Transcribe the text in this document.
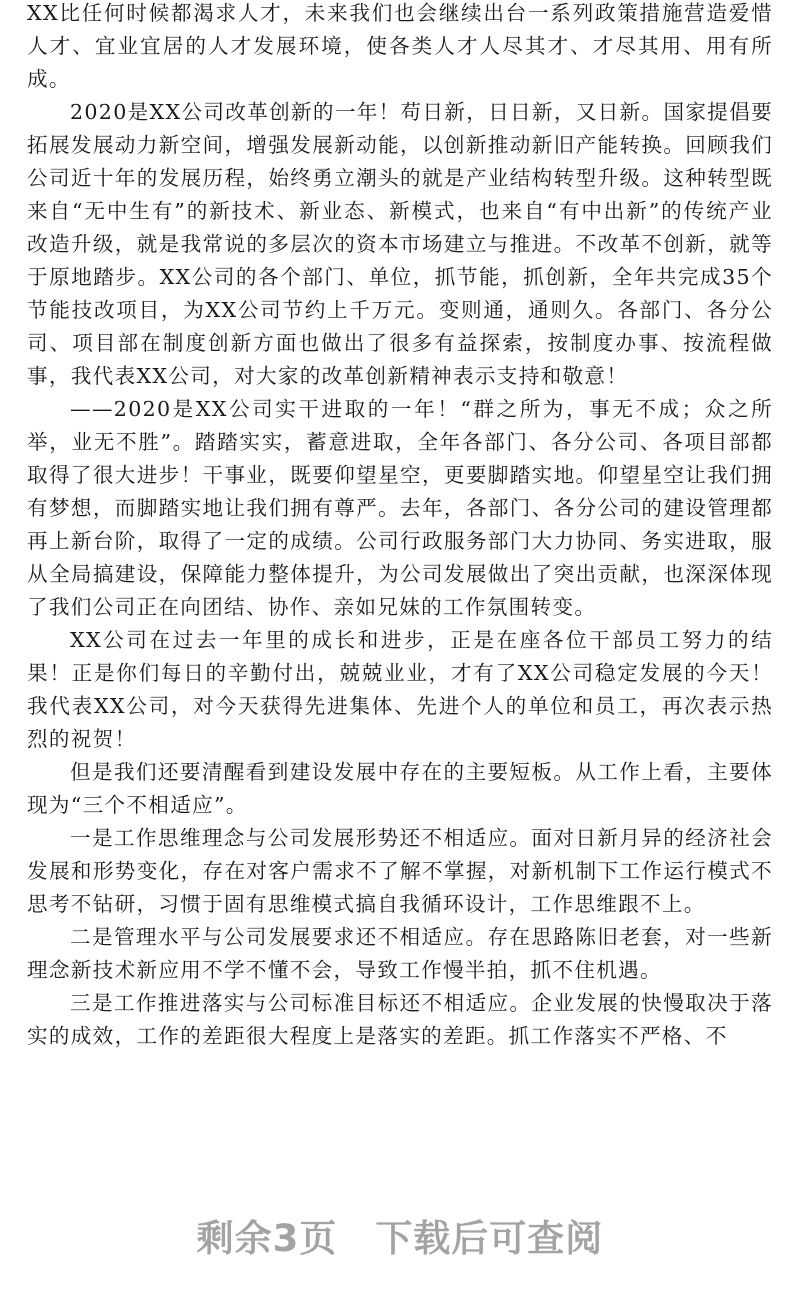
XX比任何时候都渴求人才，未来我们也会继续出台一系列政策措施营造爱惜人才、宜业宜居的人才发展环境，使各类人才人尽其才、才尽其用、用有所成。

2020是XX公司改革创新的一年！苟日新，日日新，又日新。国家提倡要拓展发展动力新空间，增强发展新动能，以创新推动新旧产能转换。回顾我们公司近十年的发展历程，始终勇立潮头的就是产业结构转型升级。这种转型既来自“无中生有”的新技术、新业态、新模式，也来自“有中出新”的传统产业改造升级，就是我常说的多层次的资本市场建立与推进。不改革不创新，就等于原地踏步。XX公司的各个部门、单位，抓节能，抓创新，全年共完成35个节能技改项目，为XX公司节约上千万元。变则通，通则久。各部门、各分公司、项目部在制度创新方面也做出了很多有益探索，按制度办事、按流程做事，我代表XX公司，对大家的改革创新精神表示支持和敬意！

——2020是XX公司实干进取的一年！“群之所为，事无不成；众之所举，业无不胜”。踏踏实实，蓄意进取，全年各部门、各分公司、各项目部都取得了很大进步！干事业，既要仰望星空，更要脚踏实地。仰望星空让我们拥有梦想，而脚踏实地让我们拥有尊严。去年，各部门、各分公司的建设管理都再上新台阶，取得了一定的成绩。公司行政服务部门大力协同、务实进取，服从全局搞建设，保障能力整体提升，为公司发展做出了突出贡献，也深深体现了我们公司正在向团结、协作、亲如兄妹的工作氛围转变。

XX公司在过去一年里的成长和进步，正是在座各位干部员工努力的结果！正是你们每日的辛勤付出，兢兢业业，才有了XX公司稳定发展的今天！我代表XX公司，对今天获得先进集体、先进个人的单位和员工，再次表示热烈的祝贺！

但是我们还要清醒看到建设发展中存在的主要短板。从工作上看，主要体现为“三个不相适应”。

一是工作思维理念与公司发展形势还不相适应。面对日新月异的经济社会发展和形势变化，存在对客户需求不了解不掌握，对新机制下工作运行模式不思考不钻研，习惯于固有思维模式搞自我循环设计，工作思维跟不上。

二是管理水平与公司发展要求还不相适应。存在思路陈旧老套，对一些新理念新技术新应用不学不懂不会，导致工作慢半拍，抓不住机遇。

三是工作推进落实与公司标准目标还不相适应。企业发展的快慢取决于落实的成效，工作的差距很大程度上是落实的差距。抓工作落实不严格、不

剩余3页 下载后可查阅
